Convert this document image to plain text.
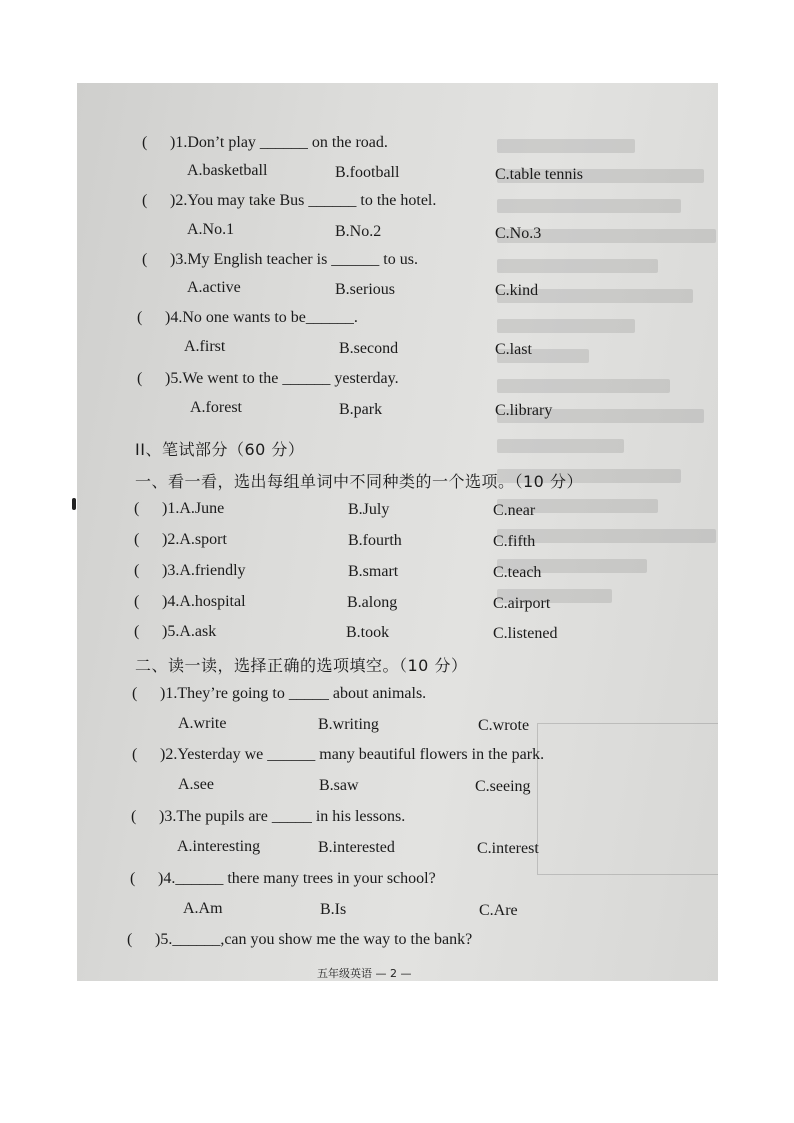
( )1.Don’t play ______ on the road.
A.basketball	B.football	C.table tennis
( )2.You may take Bus ______ to the hotel.
A.No.1	B.No.2	C.No.3
( )3.My English teacher is ______ to us.
A.active	B.serious	C.kind
( )4.No one wants to be______.
A.first	B.second	C.last
( )5.We went to the ______ yesterday.
A.forest	B.park	C.library
II、笔试部分（60 分）
一、看一看，选出每组单词中不同种类的一个选项。（10 分）
( )1.A.June	B.July	C.near
( )2.A.sport	B.fourth	C.fifth
( )3.A.friendly	B.smart	C.teach
( )4.A.hospital	B.along	C.airport
( )5.A.ask	B.took	C.listened
二、读一读，选择正确的选项填空。（10 分）
( )1.They’re going to _____ about animals.
A.write	B.writing	C.wrote
( )2.Yesterday we ______ many beautiful flowers in the park.
A.see	B.saw	C.seeing
( )3.The pupils are _____ in his lessons.
A.interesting	B.interested	C.interest
( )4.______ there many trees in your school?
A.Am	B.Is	C.Are
( )5.______,can you show me the way to the bank?
五年级英语 — 2 —
